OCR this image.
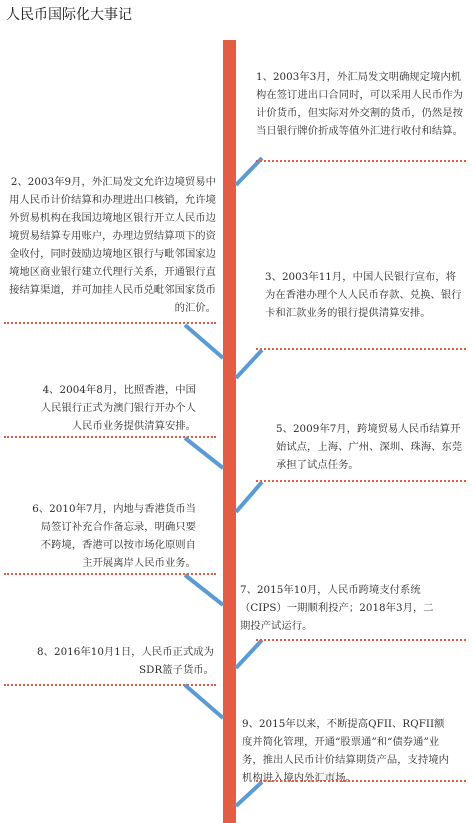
人民币国际化大事记
1、2003年3月，外汇局发文明确规定境内机构在签订进出口合同时，可以采用人民币作为计价货币，但实际对外交割的货币，仍然是按当日银行牌价折成等值外汇进行收付和结算。
2、2003年9月，外汇局发文允许边境贸易中用人民币计价结算和办理进出口核销，允许境外贸易机构在我国边境地区银行开立人民币边境贸易结算专用账户，办理边贸结算项下的资金收付，同时鼓励边境地区银行与毗邻国家边境地区商业银行建立代理行关系，开通银行直接结算渠道，并可加挂人民币兑毗邻国家货币的汇价。
3、2003年11月，中国人民银行宣布，将为在香港办理个人人民币存款、兑换、银行卡和汇款业务的银行提供清算安排。
4、2004年8月，比照香港，中国人民银行正式为澳门银行开办个人人民币业务提供清算安排。	5、2009年7月，跨境贸易人民币结算开始试点，上海、广州、深圳、珠海、东莞承担了试点任务。
6、2010年7月，内地与香港货币当局签订补充合作备忘录，明确只要不跨境，香港可以按市场化原则自主开展离岸人民币业务。
7、2015年10月，人民币跨境支付系统（CIPS）一期顺利投产；2018年3月，二期投产试运行。
8、2016年10月1日，人民币正式成为SDR篮子货币。
9、2015年以来，不断提高QFII、RQFII额度并简化管理，开通“股票通”和“债券通”业务，推出人民币计价结算期货产品，支持境内机构进入境内外汇市场。
